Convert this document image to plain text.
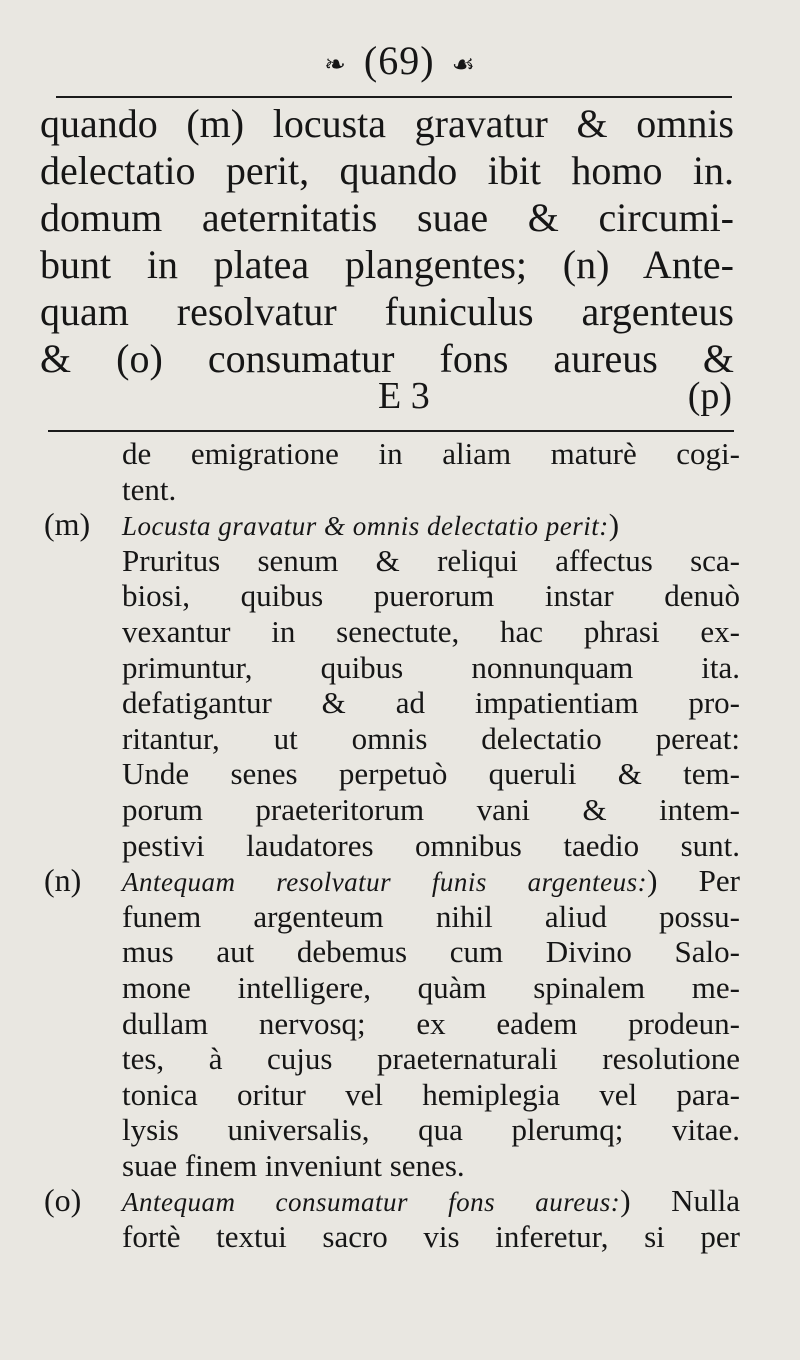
❧ (69) ☙
quando (m) locusta gravatur & omnis
delectatio perit, quando ibit homo in.
domum aeternitatis suae & circumi-
bunt in platea plangentes; (n) Ante-
quam resolvatur funiculus argenteus
& (o) consumatur fons aureus &
E 3	(p)
de emigratione in aliam maturè cogi-
tent.
(m) Locusta gravatur & omnis delectatio perit:)
Pruritus senum & reliqui affectus sca-
biosi, quibus puerorum instar denuò
vexantur in senectute, hac phrasi ex-
primuntur, quibus nonnunquam ita.
defatigantur & ad impatientiam pro-
ritantur, ut omnis delectatio pereat:
Unde senes perpetuò queruli & tem-
porum praeteritorum vani & intem-
pestivi laudatores omnibus taedio sunt.
(n) Antequam resolvatur funis argenteus:) Per
funem argenteum nihil aliud possu-
mus aut debemus cum Divino Salo-
mone intelligere, quàm spinalem me-
dullam nervosq; ex eadem prodeun-
tes, à cujus praeternaturali resolutione
tonica oritur vel hemiplegia vel para-
lysis universalis, qua plerumq; vitae.
suae finem inveniunt senes.
(o) Antequam consumatur fons aureus:) Nulla
fortè textui sacro vis inferetur, si per
